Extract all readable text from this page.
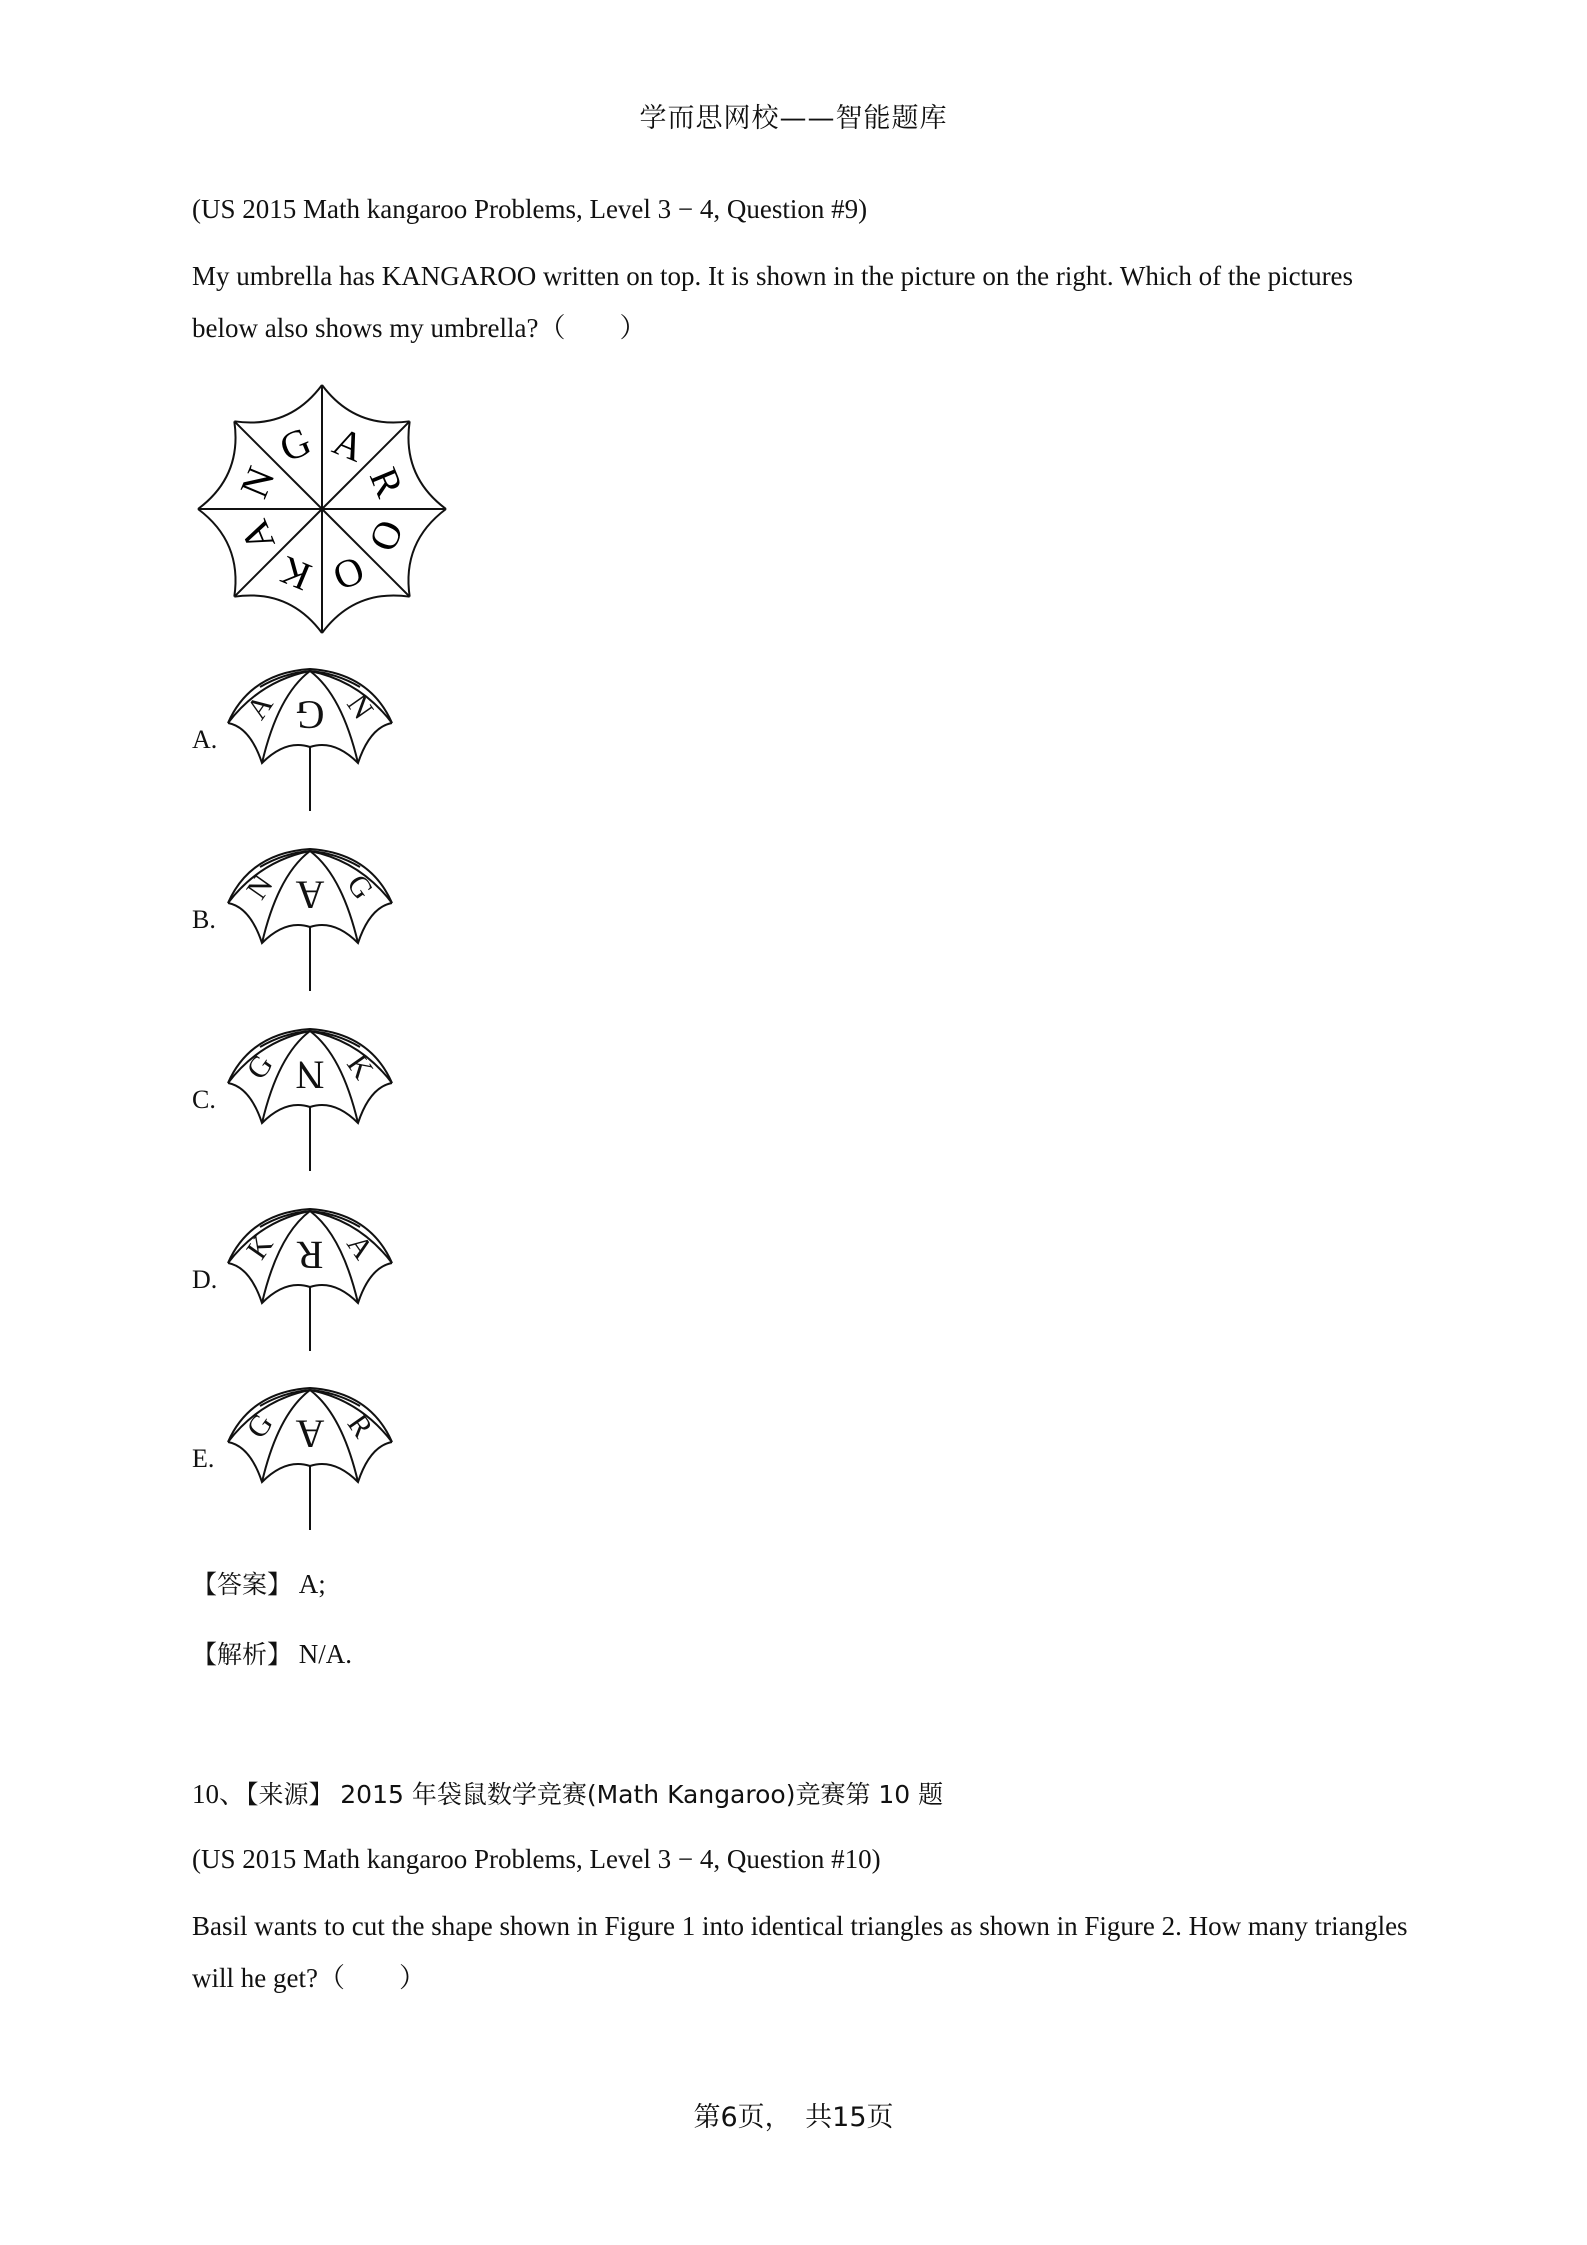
学而思网校——智能题库
(US 2015 Math kangaroo Problems, Level 3 − 4, Question #9)
My umbrella has KANGAROO written on top. It is shown in the picture on the right. Which of the pictures below also shows my umbrella?（　　）
G A
R
O
O
K
A
N
A.
A G N
B.
N A G
C.
G N K
D.
K R A
E.
G A R
【答案】 A;
【解析】 N/A.
10、【来源】 2015 年袋鼠数学竞赛(Math Kangaroo)竞赛第 10 题
(US 2015 Math kangaroo Problems, Level 3 − 4, Question #10)
Basil wants to cut the shape shown in Figure 1 into identical triangles as shown in Figure 2. How many triangles will he get?（　　）
第6页，　共15页
